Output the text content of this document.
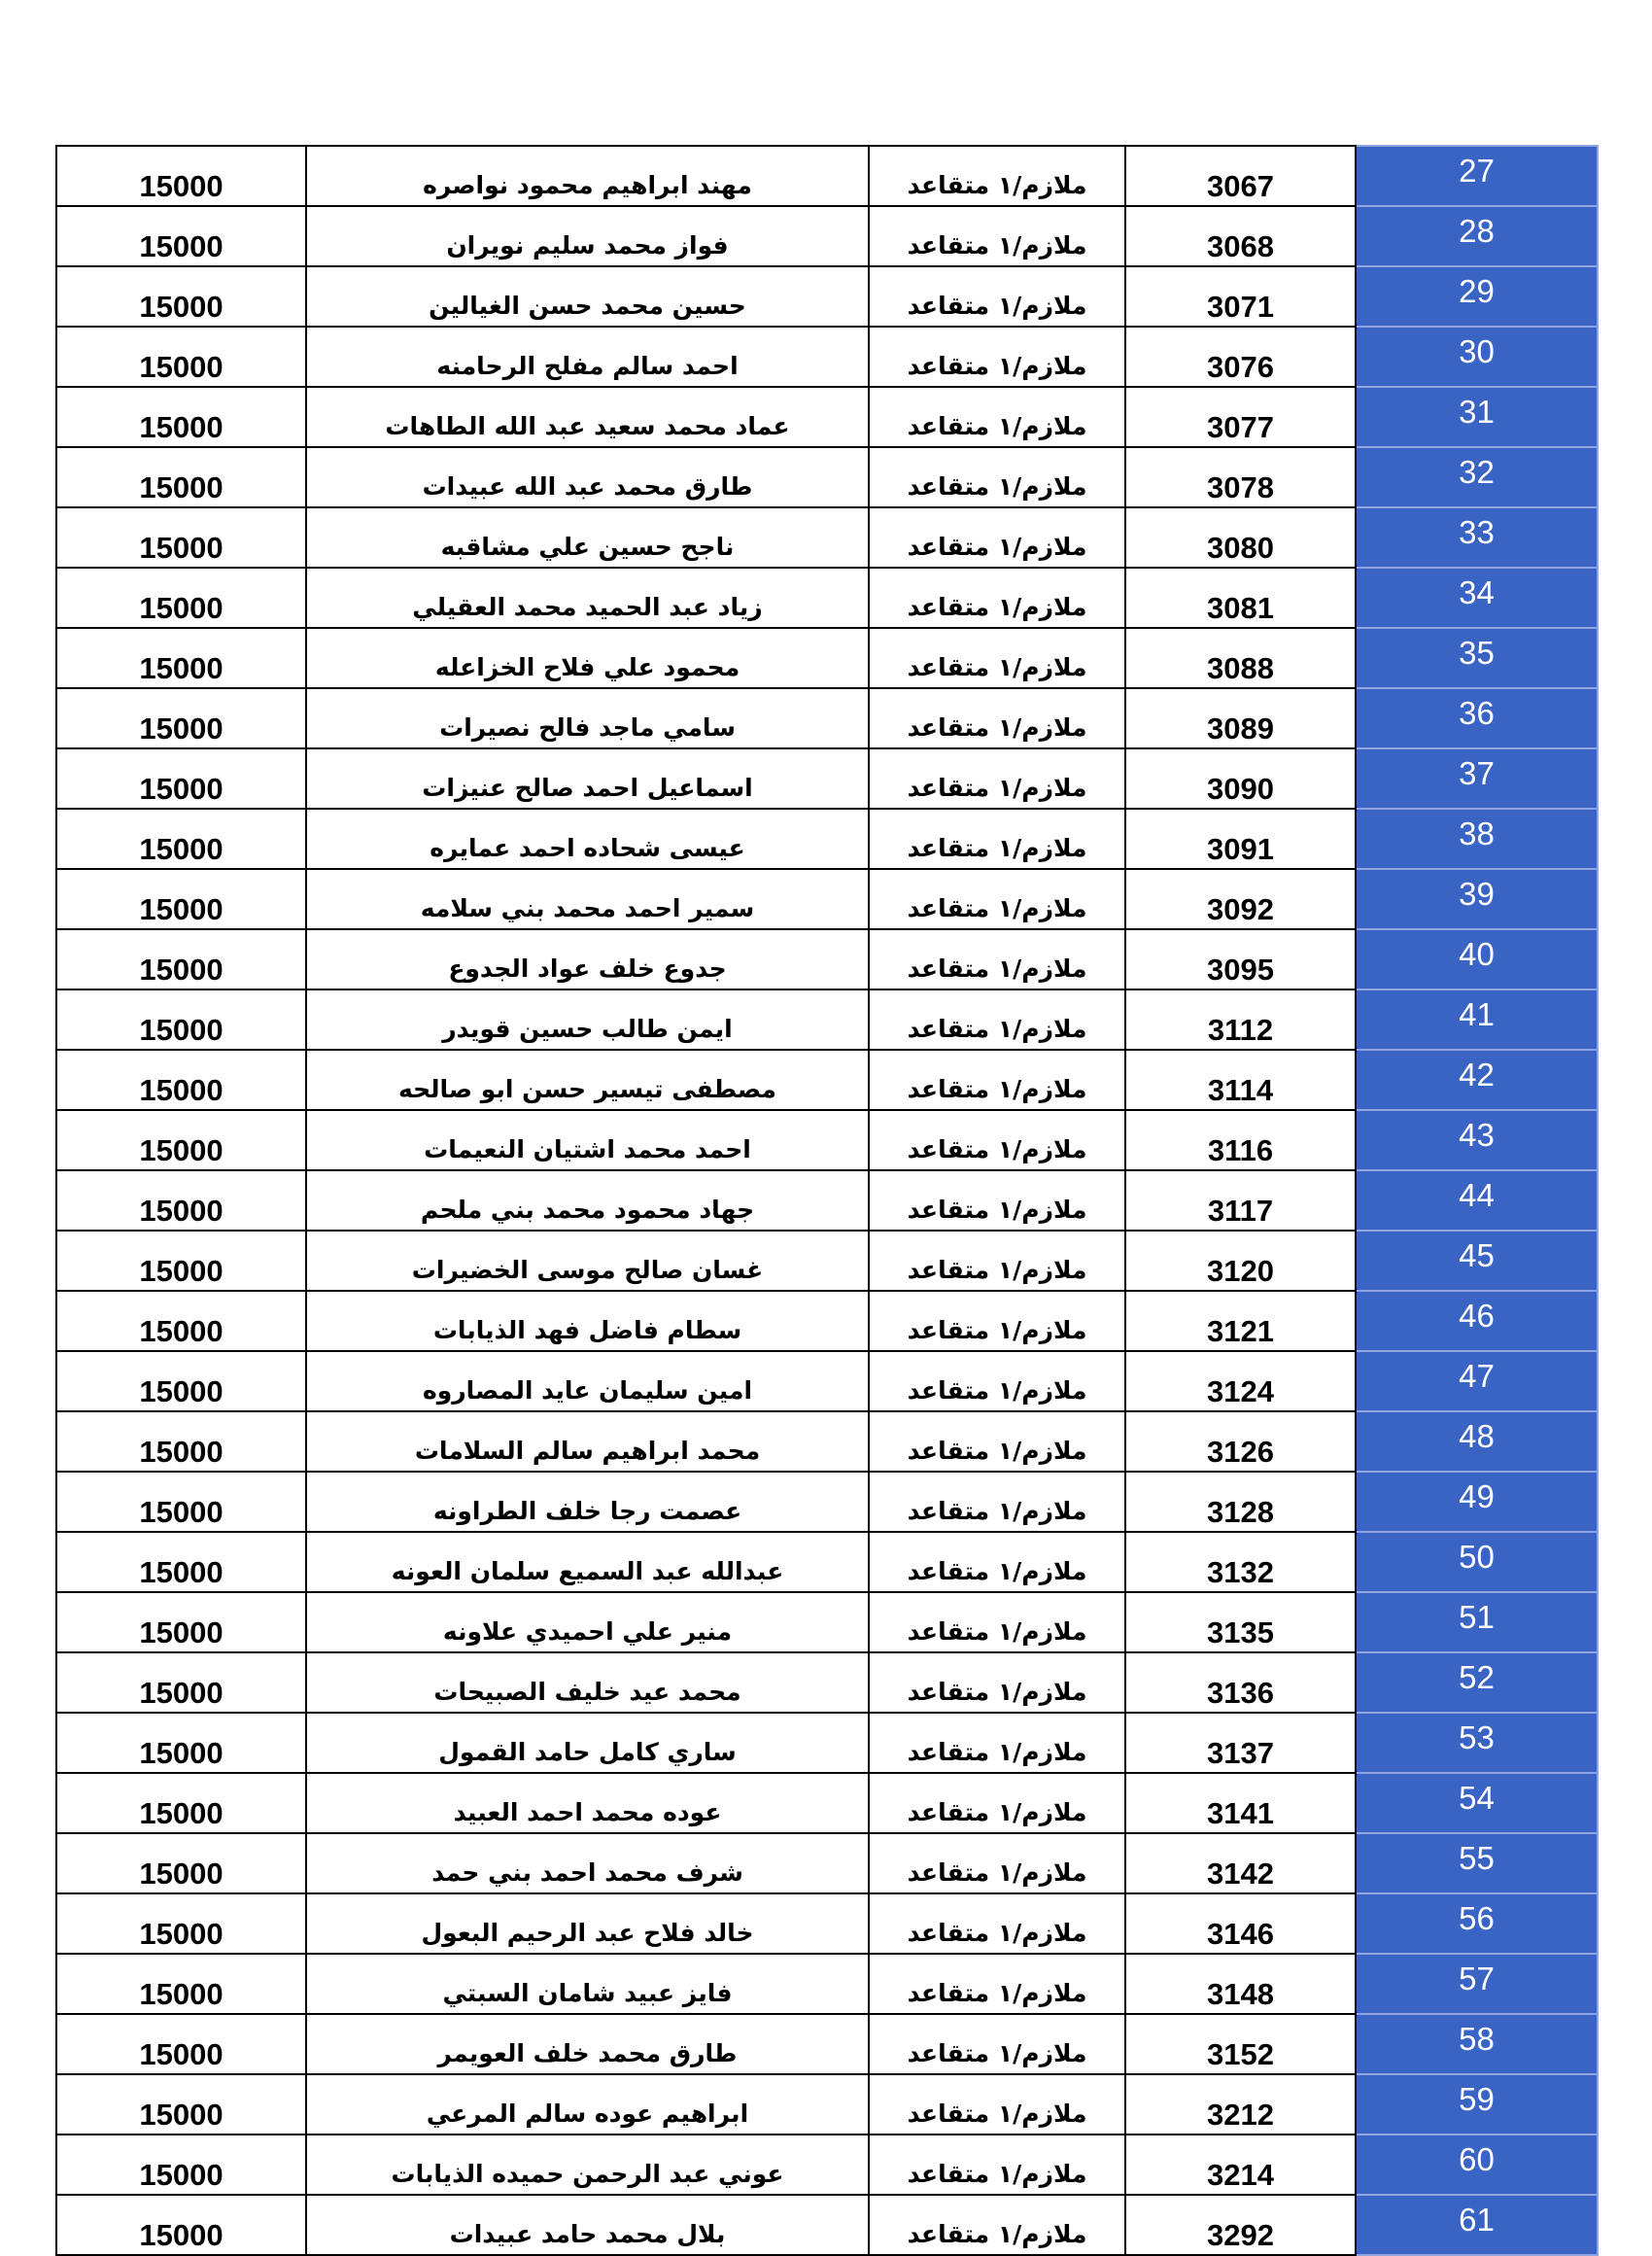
15000	مهند ابراهيم محمود نواصره	ملازم/١ متقاعد	3067	27
15000	فواز محمد سليم نويران	ملازم/١ متقاعد	3068	28
15000	حسين محمد حسن الغيالين	ملازم/١ متقاعد	3071	29
15000	احمد سالم مفلح الرحامنه	ملازم/١ متقاعد	3076	30
15000	عماد محمد سعيد عبد الله الطاهات	ملازم/١ متقاعد	3077	31
15000	طارق محمد عبد الله عبيدات	ملازم/١ متقاعد	3078	32
15000	ناجح حسين علي مشاقبه	ملازم/١ متقاعد	3080	33
15000	زياد عبد الحميد محمد العقيلي	ملازم/١ متقاعد	3081	34
15000	محمود علي فلاح الخزاعله	ملازم/١ متقاعد	3088	35
15000	سامي ماجد فالح نصيرات	ملازم/١ متقاعد	3089	36
15000	اسماعيل احمد صالح عنيزات	ملازم/١ متقاعد	3090	37
15000	عيسى شحاده احمد عمايره	ملازم/١ متقاعد	3091	38
15000	سمير احمد محمد بني سلامه	ملازم/١ متقاعد	3092	39
15000	جدوع خلف عواد الجدوع	ملازم/١ متقاعد	3095	40
15000	ايمن طالب حسين قويدر	ملازم/١ متقاعد	3112	41
15000	مصطفى تيسير حسن ابو صالحه	ملازم/١ متقاعد	3114	42
15000	احمد محمد اشتيان النعيمات	ملازم/١ متقاعد	3116	43
15000	جهاد محمود محمد بني ملحم	ملازم/١ متقاعد	3117	44
15000	غسان صالح موسى الخضيرات	ملازم/١ متقاعد	3120	45
15000	سطام فاضل فهد الذيابات	ملازم/١ متقاعد	3121	46
15000	امين سليمان عايد المصاروه	ملازم/١ متقاعد	3124	47
15000	محمد ابراهيم سالم السلامات	ملازم/١ متقاعد	3126	48
15000	عصمت رجا خلف الطراونه	ملازم/١ متقاعد	3128	49
15000	عبدالله عبد السميع سلمان العونه	ملازم/١ متقاعد	3132	50
15000	منير علي احميدي علاونه	ملازم/١ متقاعد	3135	51
15000	محمد عيد خليف الصبيحات	ملازم/١ متقاعد	3136	52
15000	ساري كامل حامد القمول	ملازم/١ متقاعد	3137	53
15000	عوده محمد احمد العبيد	ملازم/١ متقاعد	3141	54
15000	شرف محمد احمد بني حمد	ملازم/١ متقاعد	3142	55
15000	خالد فلاح عبد الرحيم البعول	ملازم/١ متقاعد	3146	56
15000	فايز عبيد شامان السبتي	ملازم/١ متقاعد	3148	57
15000	طارق محمد خلف العويمر	ملازم/١ متقاعد	3152	58
15000	ابراهيم عوده سالم المرعي	ملازم/١ متقاعد	3212	59
15000	عوني عبد الرحمن حميده الذيابات	ملازم/١ متقاعد	3214	60
15000	بلال محمد حامد عبيدات	ملازم/١ متقاعد	3292	61
